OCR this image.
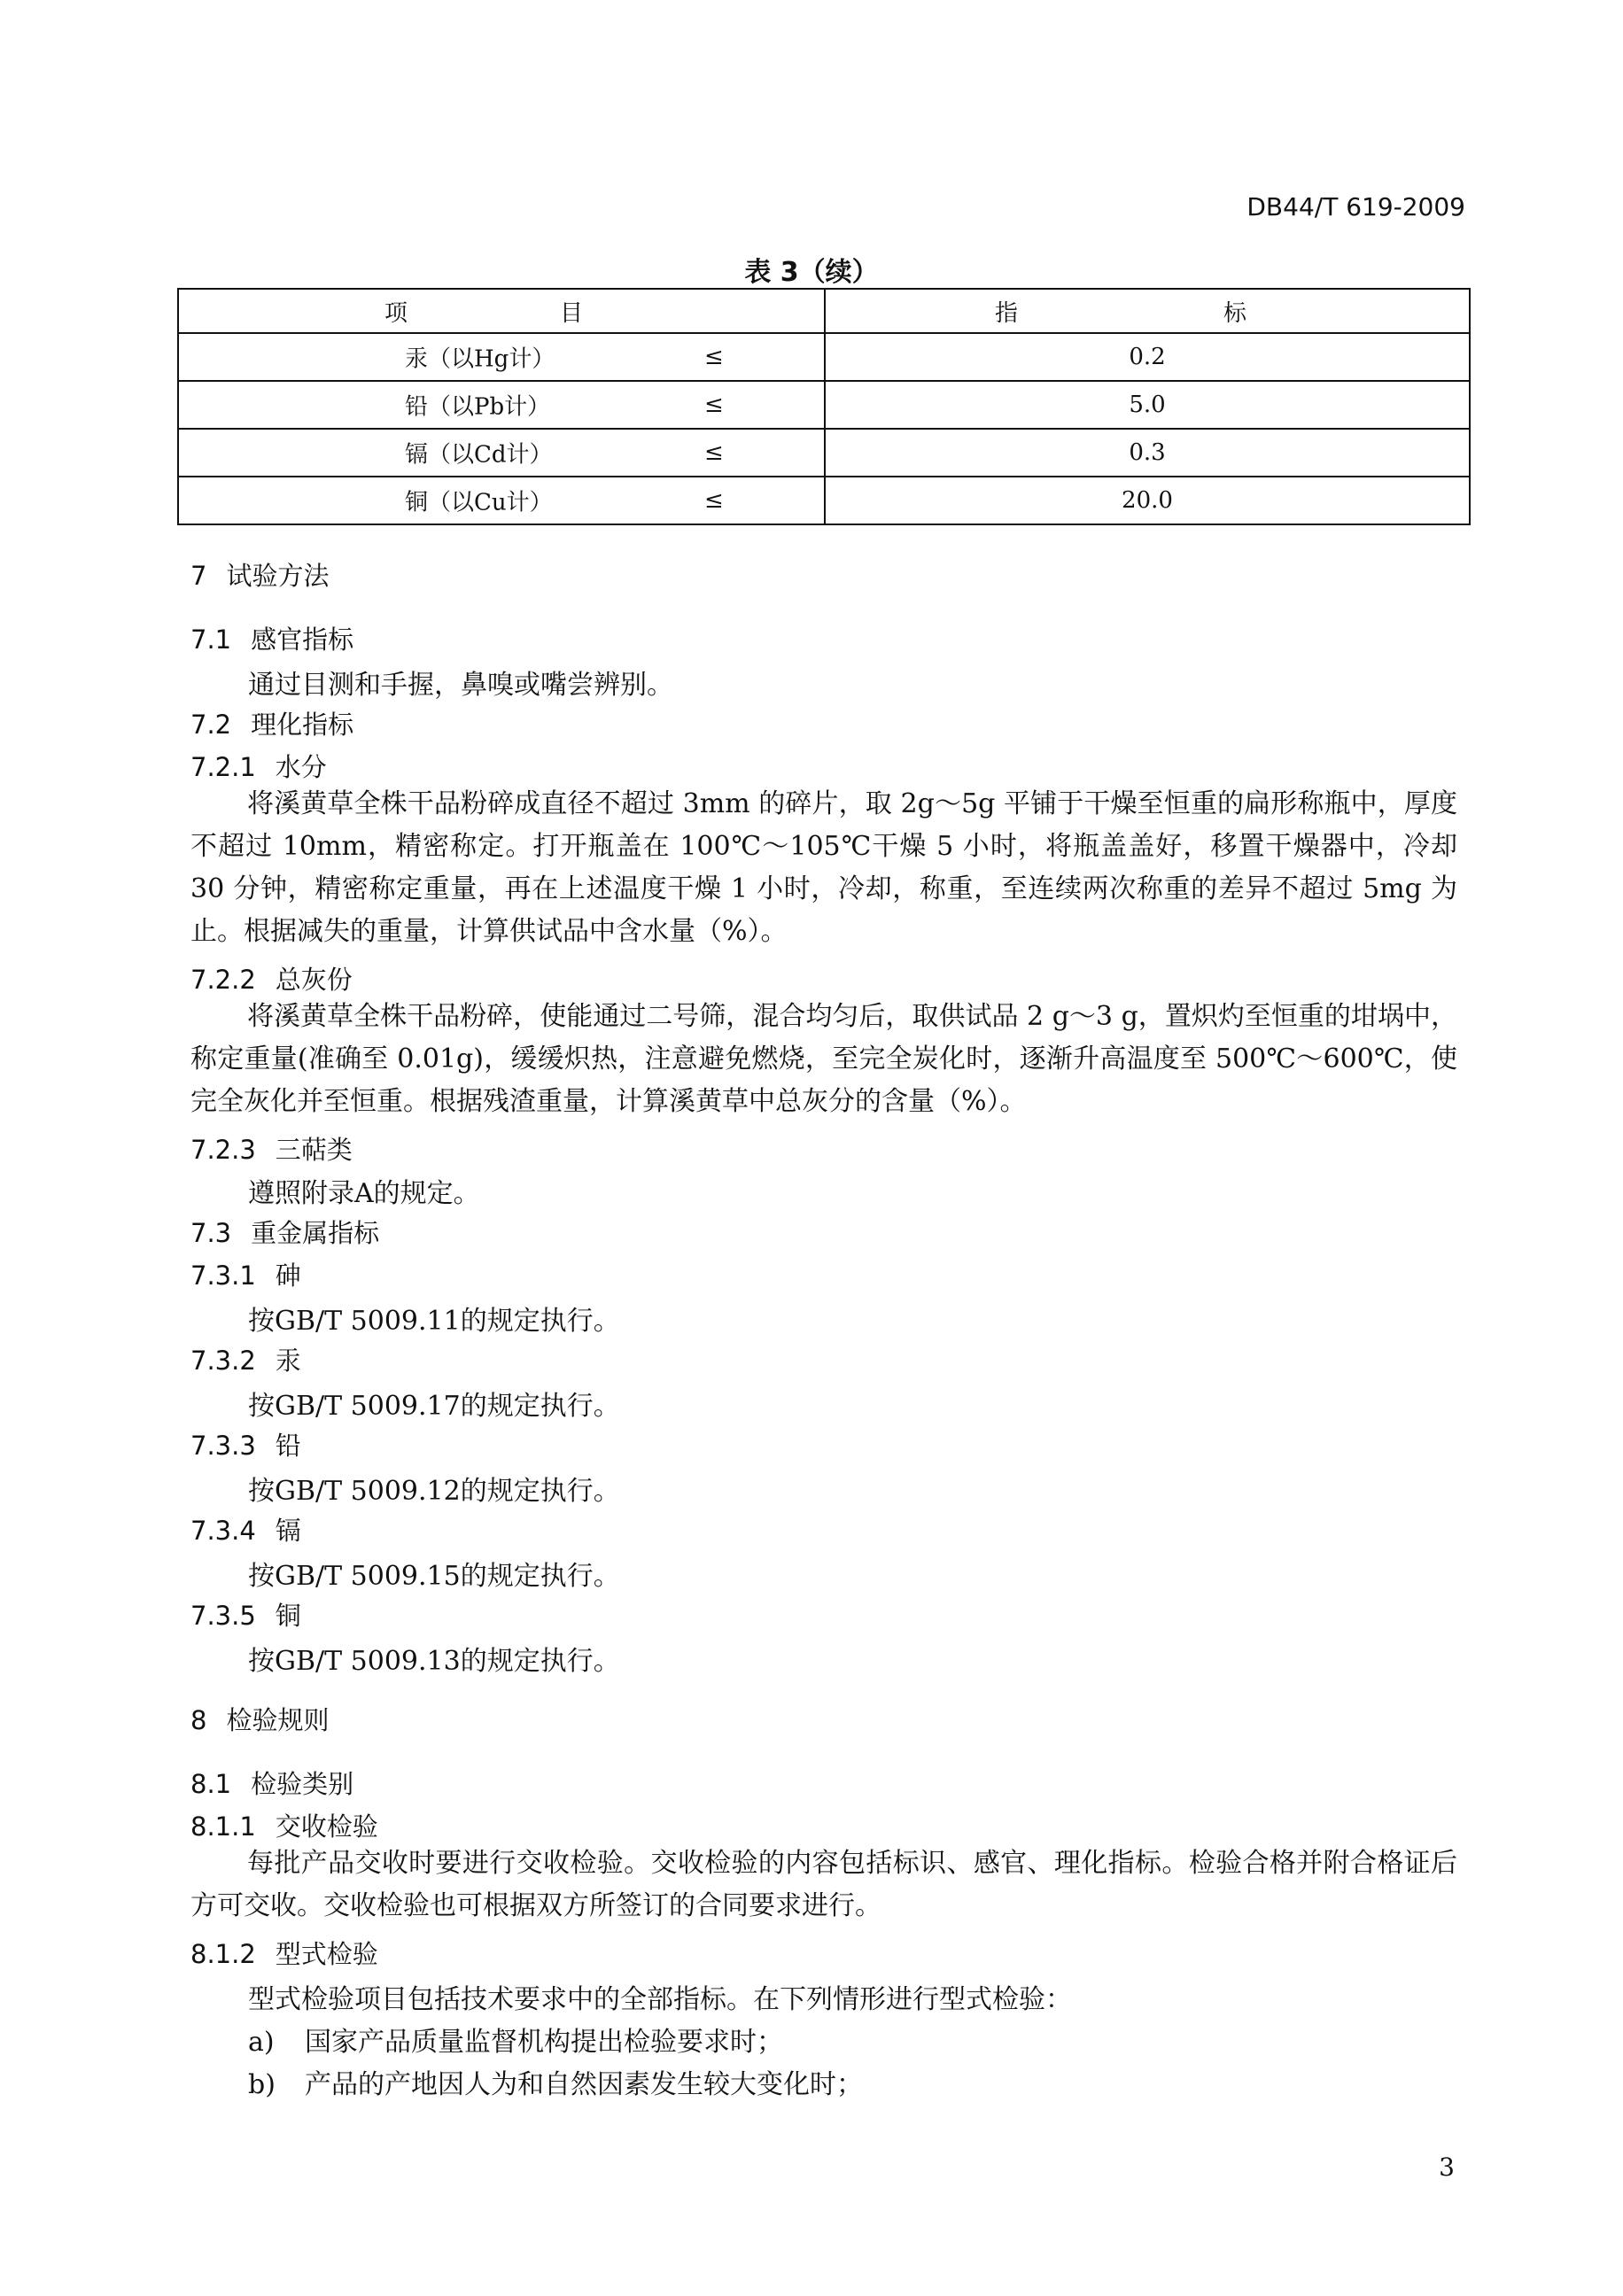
DB44/T 619-2009
表 3（续）
项　　目	指　　标

汞（以Hg计） ≤	0.2

铅（以Pb计） ≤	5.0

镉（以Cd计） ≤	0.3

铜（以Cu计） ≤	20.0
7 试验方法
7.1 感官指标
通过目测和手握，鼻嗅或嘴尝辨别。
7.2 理化指标
7.2.1 水分

将溪黄草全株干品粉碎成直径不超过 3mm 的碎片，取 2g～5g 平铺于干燥至恒重的扁形称瓶中，厚度不超过 10mm，精密称定。打开瓶盖在 100℃～105℃干燥 5 小时，将瓶盖盖好，移置干燥器中，冷却 30 分钟，精密称定重量，再在上述温度干燥 1 小时，冷却，称重，至连续两次称重的差异不超过 5mg 为止。根据减失的重量，计算供试品中含水量（%）。

7.2.2 总灰份

将溪黄草全株干品粉碎，使能通过二号筛，混合均匀后，取供试品 2 g～3 g，置炽灼至恒重的坩埚中，称定重量(准确至 0.01g)，缓缓炽热，注意避免燃烧，至完全炭化时，逐渐升高温度至 500℃～600℃，使完全灰化并至恒重。根据残渣重量，计算溪黄草中总灰分的含量（%）。

7.2.3 三萜类
遵照附录A的规定。
7.3 重金属指标
7.3.1 砷
按GB/T 5009.11的规定执行。
7.3.2 汞
按GB/T 5009.17的规定执行。
7.3.3 铅
按GB/T 5009.12的规定执行。
7.3.4 镉
按GB/T 5009.15的规定执行。
7.3.5 铜
按GB/T 5009.13的规定执行。
8 检验规则
8.1 检验类别
8.1.1 交收检验

每批产品交收时要进行交收检验。交收检验的内容包括标识、感官、理化指标。检验合格并附合格证后方可交收。交收检验也可根据双方所签订的合同要求进行。

8.1.2 型式检验
型式检验项目包括技术要求中的全部指标。在下列情形进行型式检验：
a) 国家产品质量监督机构提出检验要求时；
b) 产品的产地因人为和自然因素发生较大变化时；
3
